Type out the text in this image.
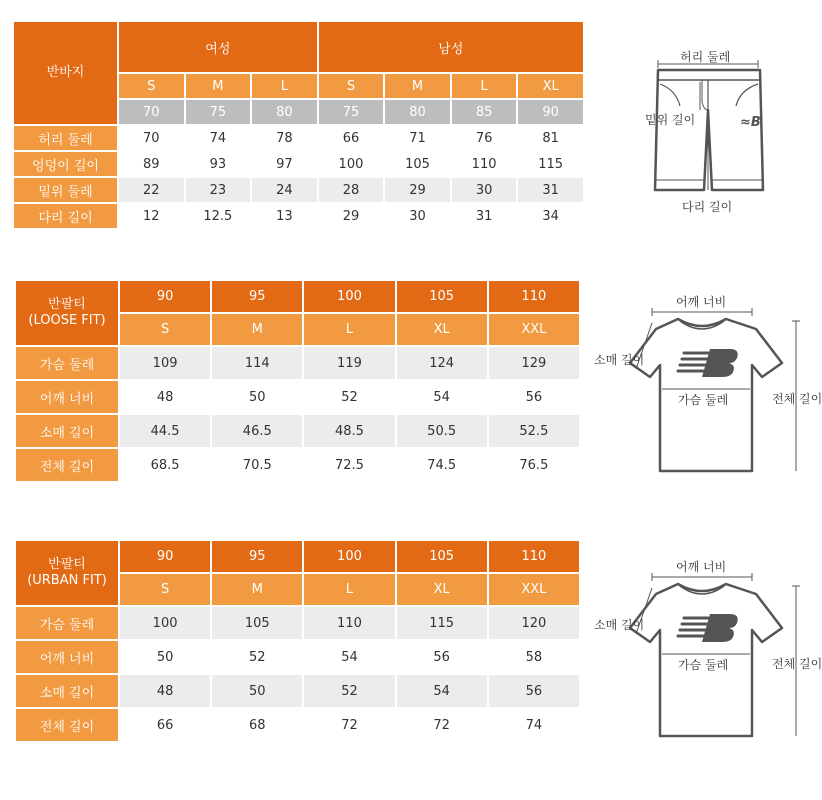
반바지	여성			남성			
	S	M	L	S	M	L	XL
	70	75	80	75	80	85	90
허리 둘레	70	74	78	66	71	76	81
엉덩이 길이	89	93	97	100	105	110	115
밑위 둘레	22	23	24	28	29	30	31
다리 길이	12	12.5	13	29	30	31	34
≈B
허리 둘레
밑위 길이
다리 길이
반팔티
(LOOSE FIT)	90	95	100	105	110
	S	M	L	XL	XXL
가슴 둘레	109	114	119	124	129
어깨 너비	48	50	52	54	56
소매 길이	44.5	46.5	48.5	50.5	52.5
전체 길이	68.5	70.5	72.5	74.5	76.5
어깨 너비
소매 길이
가슴 둘레	전체 길이
반팔티
(URBAN FIT)	90	95	100	105	110
	S	M	L	XL	XXL
가슴 둘레	100	105	110	115	120
어깨 너비	50	52	54	56	58
소매 길이	48	50	52	54	56
전체 길이	66	68	72	72	74
어깨 너비
소매 길이
가슴 둘레	전체 길이
